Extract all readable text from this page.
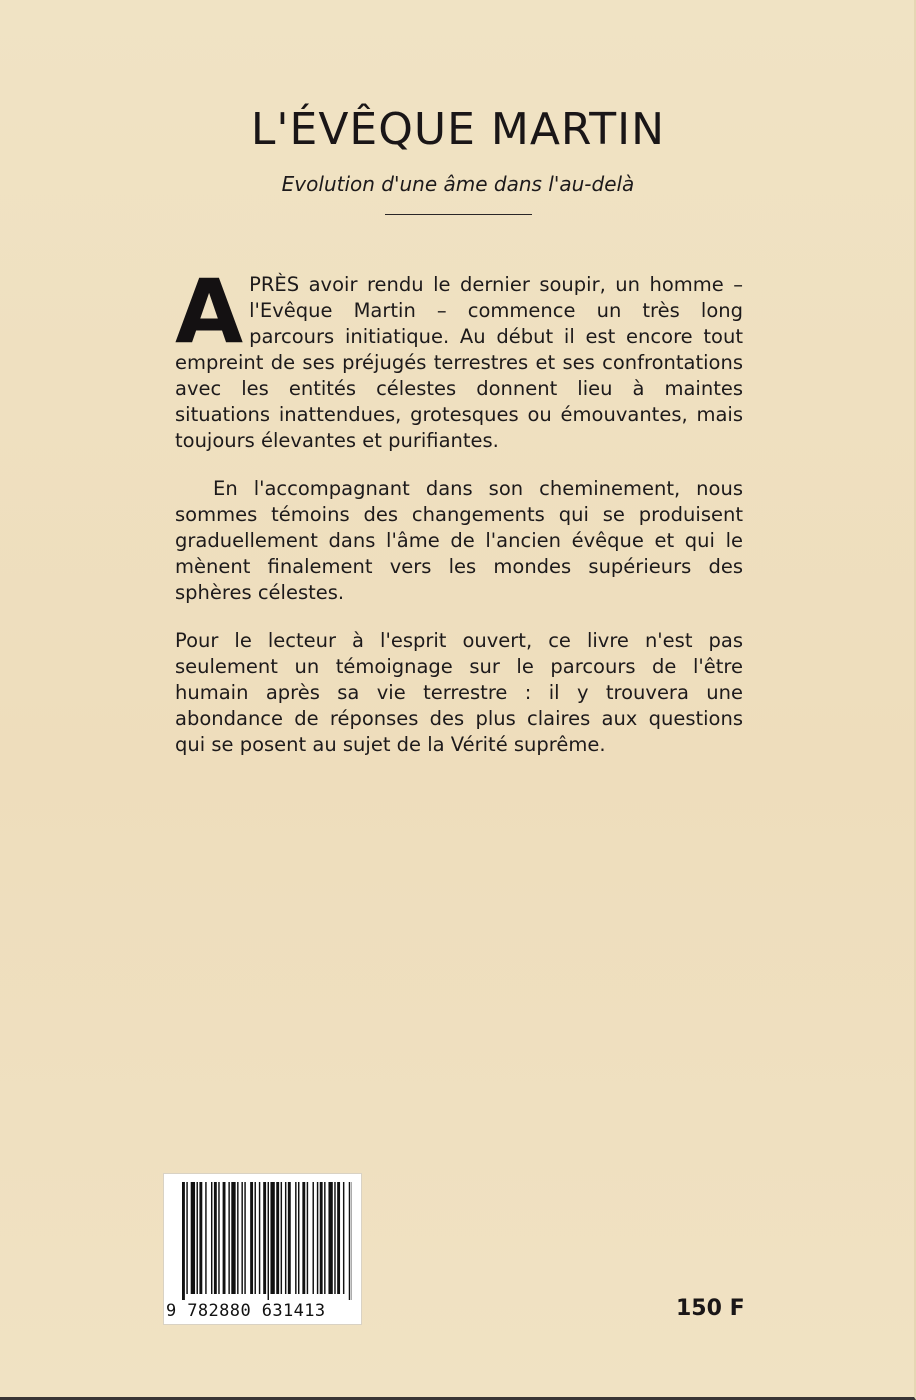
L'ÉVÊQUE MARTIN
Evolution d'une âme dans l'au-delà

APRÈS avoir rendu le dernier soupir, un homme – l'Evêque Martin – commence un très long parcours initiatique. Au début il est encore tout empreint de ses préjugés terrestres et ses confrontations avec les entités célestes donnent lieu à maintes situations inattendues, grotesques ou émouvantes, mais toujours élevantes et purifiantes.

En l'accompagnant dans son cheminement, nous sommes témoins des changements qui se produisent graduellement dans l'âme de l'ancien évêque et qui le mènent finalement vers les mondes supérieurs des sphères célestes.

Pour le lecteur à l'esprit ouvert, ce livre n'est pas seulement un témoignage sur le parcours de l'être humain après sa vie terrestre : il y trouvera une abondance de réponses des plus claires aux questions qui se posent au sujet de la Vérité suprême.

9 782880 631413	150 F
